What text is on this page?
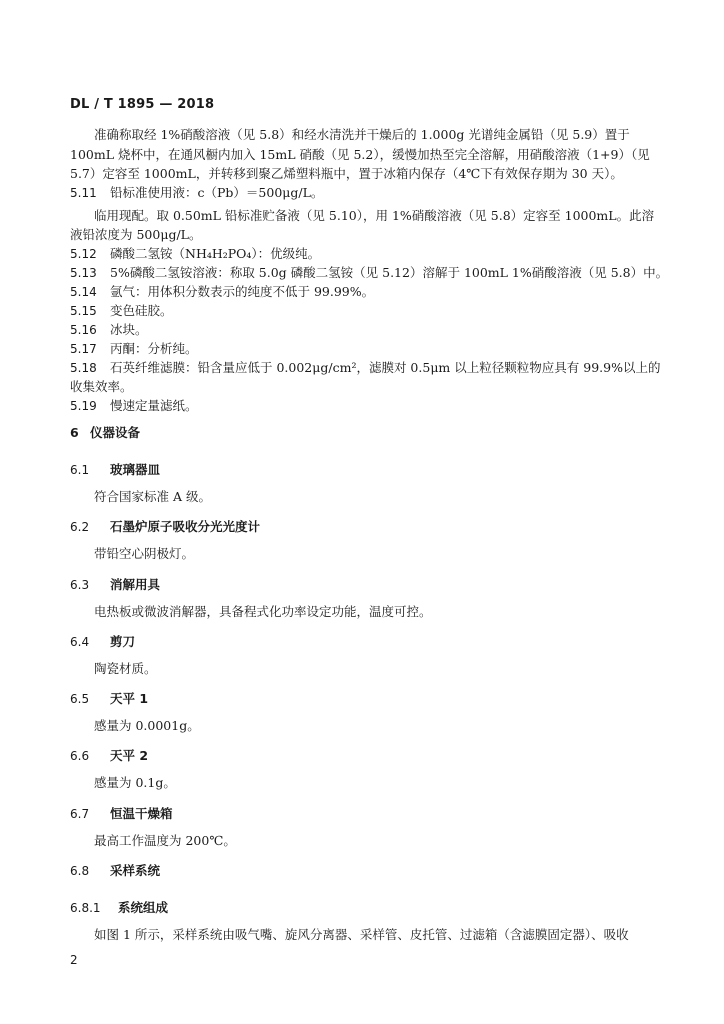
DL / T 1895 — 2018
准确称取经 1%硝酸溶液（见 5.8）和经水清洗并干燥后的 1.000g 光谱纯金属铅（见 5.9）置于
100mL 烧杯中，在通风橱内加入 15mL 硝酸（见 5.2），缓慢加热至完全溶解，用硝酸溶液（1+9）（见
5.7）定容至 1000mL，并转移到聚乙烯塑料瓶中，置于冰箱内保存（4℃下有效保存期为 30 天）。
5.11 铅标准使用液：c（Pb）＝500μg/L。
临用现配。取 0.50mL 铅标准贮备液（见 5.10），用 1%硝酸溶液（见 5.8）定容至 1000mL。此溶
液铅浓度为 500μg/L。
5.12 磷酸二氢铵（NH₄H₂PO₄）：优级纯。
5.13 5%磷酸二氢铵溶液：称取 5.0g 磷酸二氢铵（见 5.12）溶解于 100mL 1%硝酸溶液（见 5.8）中。
5.14 氩气：用体积分数表示的纯度不低于 99.99%。
5.15 变色硅胶。
5.16 冰块。
5.17 丙酮：分析纯。
5.18 石英纤维滤膜：铅含量应低于 0.002μg/cm²，滤膜对 0.5μm 以上粒径颗粒物应具有 99.9%以上的
收集效率。
5.19 慢速定量滤纸。
6 仪器设备
6.1 玻璃器皿
符合国家标准 A 级。
6.2 石墨炉原子吸收分光光度计
带铅空心阴极灯。
6.3 消解用具
电热板或微波消解器，具备程式化功率设定功能，温度可控。
6.4 剪刀
陶瓷材质。
6.5 天平 1
感量为 0.0001g。
6.6 天平 2
感量为 0.1g。
6.7 恒温干燥箱
最高工作温度为 200℃。
6.8 采样系统
6.8.1 系统组成
如图 1 所示，采样系统由吸气嘴、旋风分离器、采样管、皮托管、过滤箱（含滤膜固定器）、吸收
2
